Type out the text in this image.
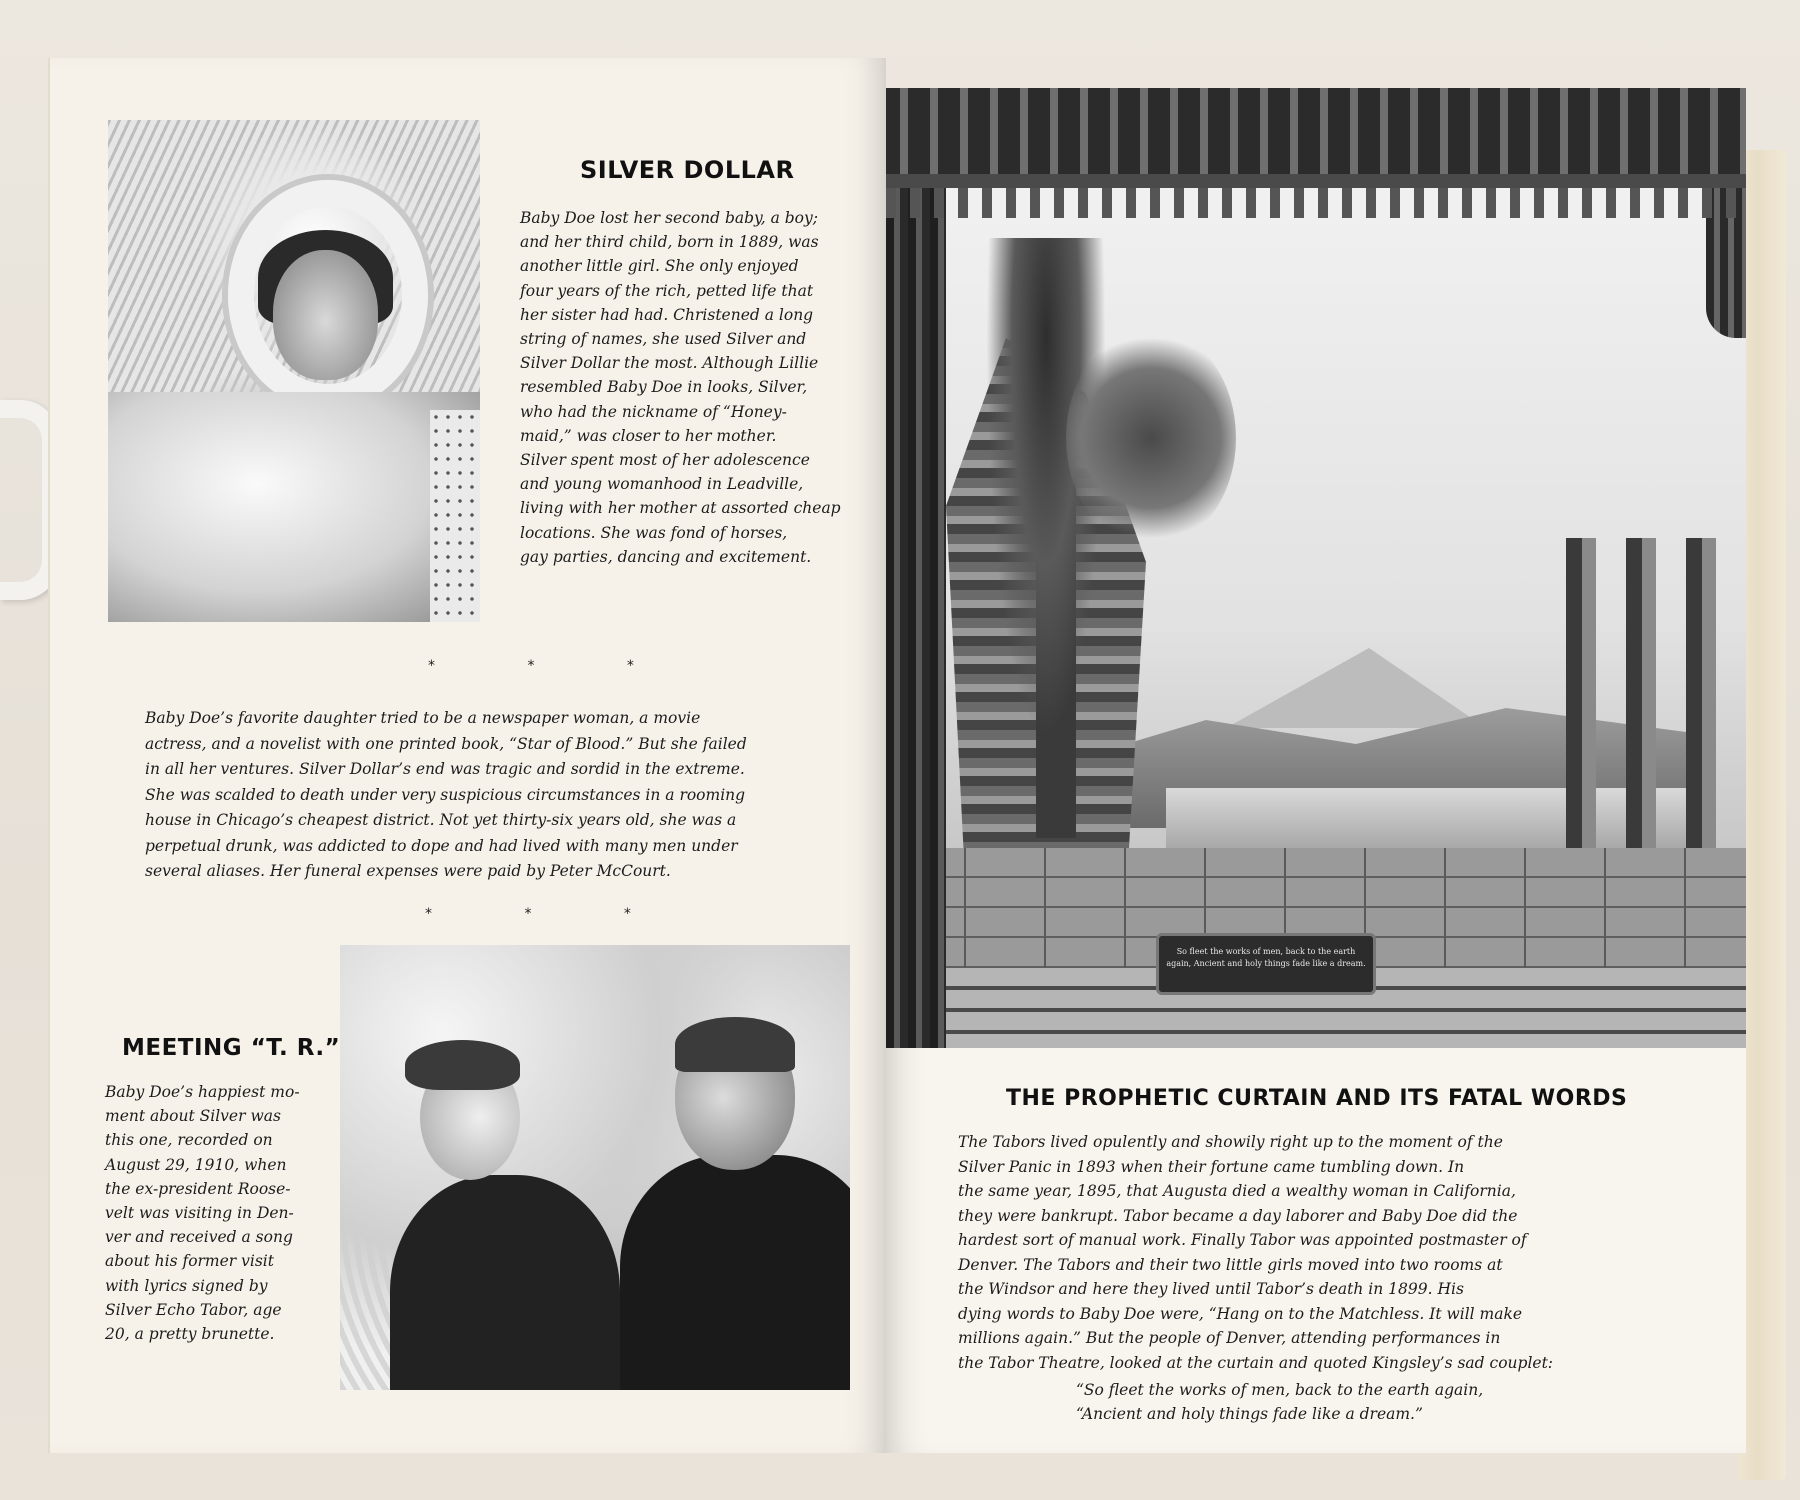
SILVER DOLLAR
Baby Doe lost her second baby, a boy;
and her third child, born in 1889, was
another little girl. She only enjoyed
four years of the rich, petted life that
her sister had had. Christened a long
string of names, she used Silver and
Silver Dollar the most. Although Lillie
resembled Baby Doe in looks, Silver,
who had the nickname of “Honey-
maid,” was closer to her mother.
Silver spent most of her adolescence
and young womanhood in Leadville,
living with her mother at assorted cheap
locations. She was fond of horses,
gay parties, dancing and excitement.
* * *
Baby Doe’s favorite daughter tried to be a newspaper woman, a movie
actress, and a novelist with one printed book, “Star of Blood.” But she failed
in all her ventures. Silver Dollar’s end was tragic and sordid in the extreme.
She was scalded to death under very suspicious circumstances in a rooming
house in Chicago’s cheapest district. Not yet thirty-six years old, she was a
perpetual drunk, was addicted to dope and had lived with many men under
several aliases. Her funeral expenses were paid by Peter McCourt.
* * *
MEETING “T. R.”
Baby Doe’s happiest mo-
ment about Silver was
this one, recorded on
August 29, 1910, when
the ex-president Roose-
velt was visiting in Den-
ver and received a song
about his former visit
with lyrics signed by
Silver Echo Tabor, age
20, a pretty brunette.
So fleet the works of men, back to the earth again, Ancient and holy things fade like a dream.
THE PROPHETIC CURTAIN AND ITS FATAL WORDS
The Tabors lived opulently and showily right up to the moment of the
Silver Panic in 1893 when their fortune came tumbling down. In
the same year, 1895, that Augusta died a wealthy woman in California,
they were bankrupt. Tabor became a day laborer and Baby Doe did the
hardest sort of manual work. Finally Tabor was appointed postmaster of
Denver. The Tabors and their two little girls moved into two rooms at
the Windsor and here they lived until Tabor’s death in 1899. His
dying words to Baby Doe were, “Hang on to the Matchless. It will make
millions again.” But the people of Denver, attending performances in
the Tabor Theatre, looked at the curtain and quoted Kingsley’s sad couplet:
“So fleet the works of men, back to the earth again,
“Ancient and holy things fade like a dream.”
